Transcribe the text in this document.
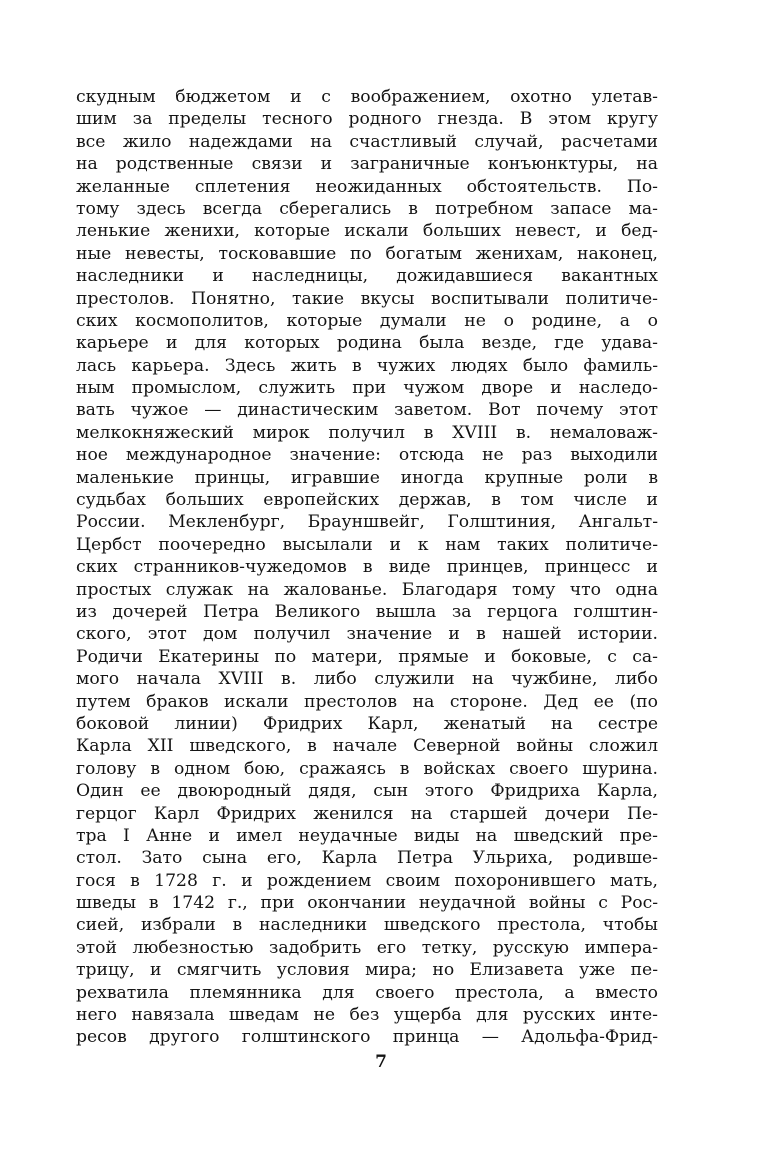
скудным бюджетом и с воображением, охотно улетав-
шим за пределы тесного родного гнезда. В этом кругу
все жило надеждами на счастливый случай, расчетами
на родственные связи и заграничные конъюнктуры, на
желанные сплетения неожиданных обстоятельств. По-
тому здесь всегда сберегались в потребном запасе ма-
ленькие женихи, которые искали больших невест, и бед-
ные невесты, тосковавшие по богатым женихам, наконец,
наследники и наследницы, дожидавшиеся вакантных
престолов. Понятно, такие вкусы воспитывали политиче-
ских космополитов, которые думали не о родине, а о
карьере и для которых родина была везде, где удава-
лась карьера. Здесь жить в чужих людях было фамиль-
ным промыслом, служить при чужом дворе и наследо-
вать чужое — династическим заветом. Вот почему этот
мелкокняжеский мирок получил в XVIII в. немаловаж-
ное международное значение: отсюда не раз выходили
маленькие принцы, игравшие иногда крупные роли в
судьбах больших европейских держав, в том числе и
России. Мекленбург, Брауншвейг, Голштиния, Ангальт-
Цербст поочередно высылали и к нам таких политиче-
ских странников-чужедомов в виде принцев, принцесс и
простых служак на жалованье. Благодаря тому что одна
из дочерей Петра Великого вышла за герцога голштин-
ского, этот дом получил значение и в нашей истории.
Родичи Екатерины по матери, прямые и боковые, с са-
мого начала XVIII в. либо служили на чужбине, либо
путем браков искали престолов на стороне. Дед ее (по
боковой линии) Фридрих Карл, женатый на сестре
Карла XII шведского, в начале Северной войны сложил
голову в одном бою, сражаясь в войсках своего шурина.
Один ее двоюродный дядя, сын этого Фридриха Карла,
герцог Карл Фридрих женился на старшей дочери Пе-
тра I Анне и имел неудачные виды на шведский пре-
стол. Зато сына его, Карла Петра Ульриха, родивше-
гося в 1728 г. и рождением своим похоронившего мать,
шведы в 1742 г., при окончании неудачной войны с Рос-
сией, избрали в наследники шведского престола, чтобы
этой любезностью задобрить его тетку, русскую импера-
трицу, и смягчить условия мира; но Елизавета уже пе-
рехватила племянника для своего престола, а вместо
него навязала шведам не без ущерба для русских инте-
ресов другого голштинского принца — Адольфа-Фрид-
7
